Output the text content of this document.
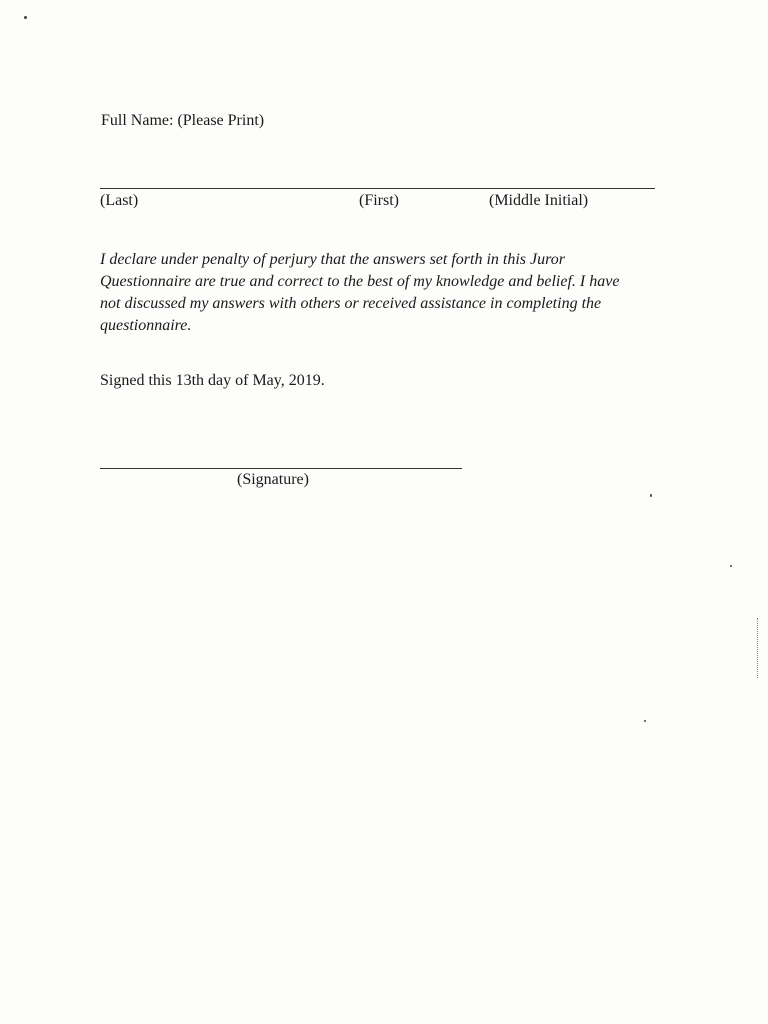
Full Name: (Please Print)
(Last)	(First)	(Middle Initial)
I declare under penalty of perjury that the answers set forth in this Juror
Questionnaire are true and correct to the best of my knowledge and belief. I have
not discussed my answers with others or received assistance in completing the
questionnaire.
Signed this 13th day of May, 2019.
(Signature)
